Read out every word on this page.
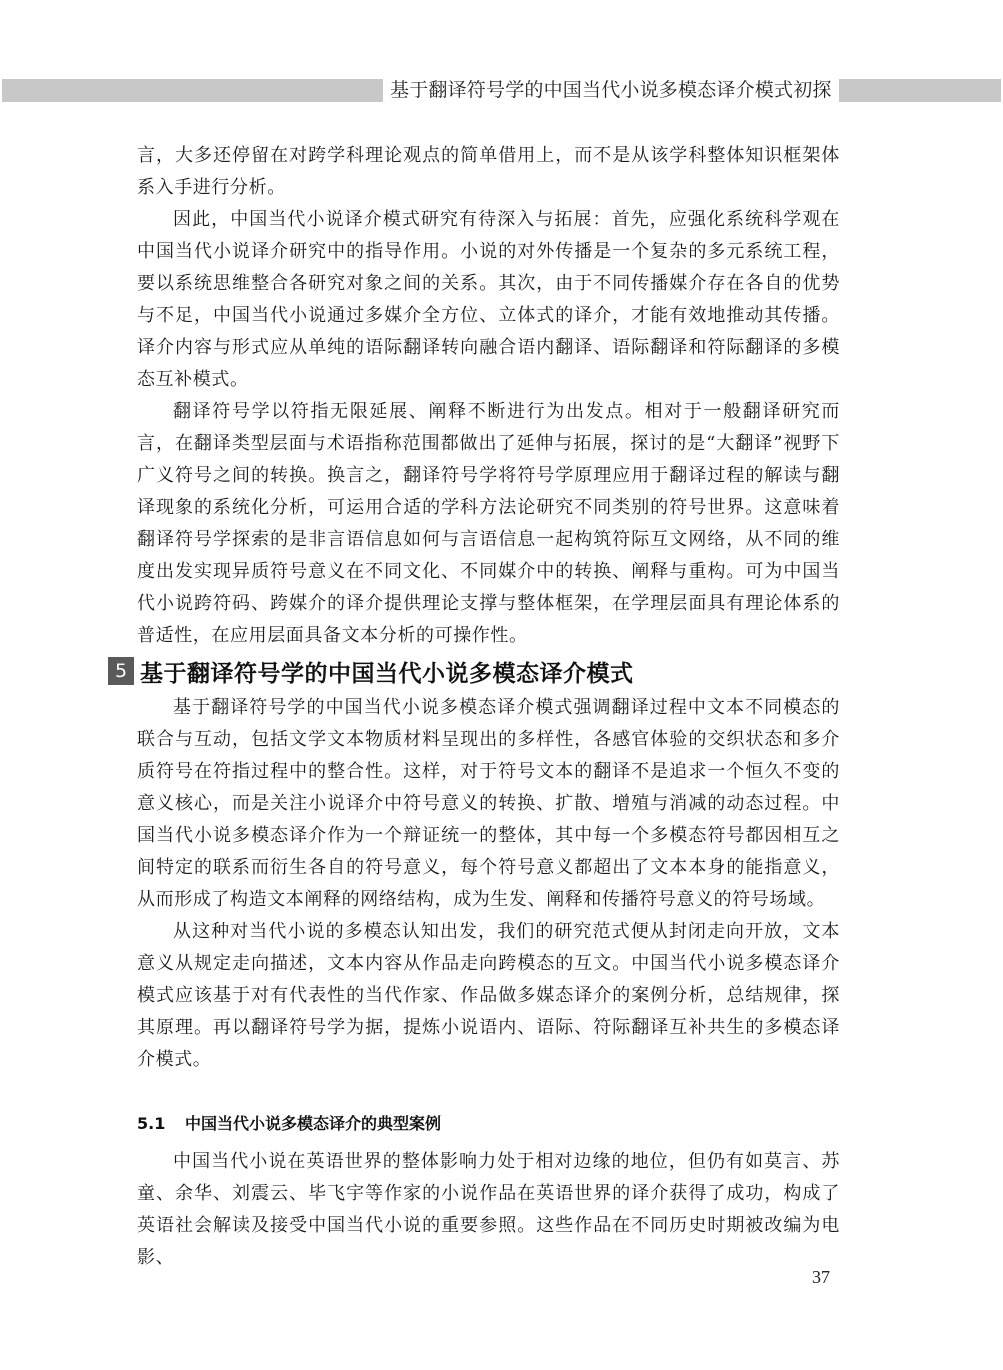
基于翻译符号学的中国当代小说多模态译介模式初探

言，大多还停留在对跨学科理论观点的简单借用上，而不是从该学科整体知识框架体系入手进行分析。

因此，中国当代小说译介模式研究有待深入与拓展：首先，应强化系统科学观在中国当代小说译介研究中的指导作用。小说的对外传播是一个复杂的多元系统工程，要以系统思维整合各研究对象之间的关系。其次，由于不同传播媒介存在各自的优势与不足，中国当代小说通过多媒介全方位、立体式的译介，才能有效地推动其传播。译介内容与形式应从单纯的语际翻译转向融合语内翻译、语际翻译和符际翻译的多模态互补模式。

翻译符号学以符指无限延展、阐释不断进行为出发点。相对于一般翻译研究而言，在翻译类型层面与术语指称范围都做出了延伸与拓展，探讨的是“大翻译”视野下广义符号之间的转换。换言之，翻译符号学将符号学原理应用于翻译过程的解读与翻译现象的系统化分析，可运用合适的学科方法论研究不同类别的符号世界。这意味着翻译符号学探索的是非言语信息如何与言语信息一起构筑符际互文网络，从不同的维度出发实现异质符号意义在不同文化、不同媒介中的转换、阐释与重构。可为中国当代小说跨符码、跨媒介的译介提供理论支撑与整体框架，在学理层面具有理论体系的普适性，在应用层面具备文本分析的可操作性。

5 基于翻译符号学的中国当代小说多模态译介模式

基于翻译符号学的中国当代小说多模态译介模式强调翻译过程中文本不同模态的联合与互动，包括文学文本物质材料呈现出的多样性，各感官体验的交织状态和多介质符号在符指过程中的整合性。这样，对于符号文本的翻译不是追求一个恒久不变的意义核心，而是关注小说译介中符号意义的转换、扩散、增殖与消减的动态过程。中国当代小说多模态译介作为一个辩证统一的整体，其中每一个多模态符号都因相互之间特定的联系而衍生各自的符号意义，每个符号意义都超出了文本本身的能指意义，从而形成了构造文本阐释的网络结构，成为生发、阐释和传播符号意义的符号场域。

从这种对当代小说的多模态认知出发，我们的研究范式便从封闭走向开放，文本意义从规定走向描述，文本内容从作品走向跨模态的互文。中国当代小说多模态译介模式应该基于对有代表性的当代作家、作品做多媒态译介的案例分析，总结规律，探其原理。再以翻译符号学为据，提炼小说语内、语际、符际翻译互补共生的多模态译介模式。

5.1 中国当代小说多模态译介的典型案例

中国当代小说在英语世界的整体影响力处于相对边缘的地位，但仍有如莫言、苏童、余华、刘震云、毕飞宇等作家的小说作品在英语世界的译介获得了成功，构成了英语社会解读及接受中国当代小说的重要参照。这些作品在不同历史时期被改编为电影、

37
